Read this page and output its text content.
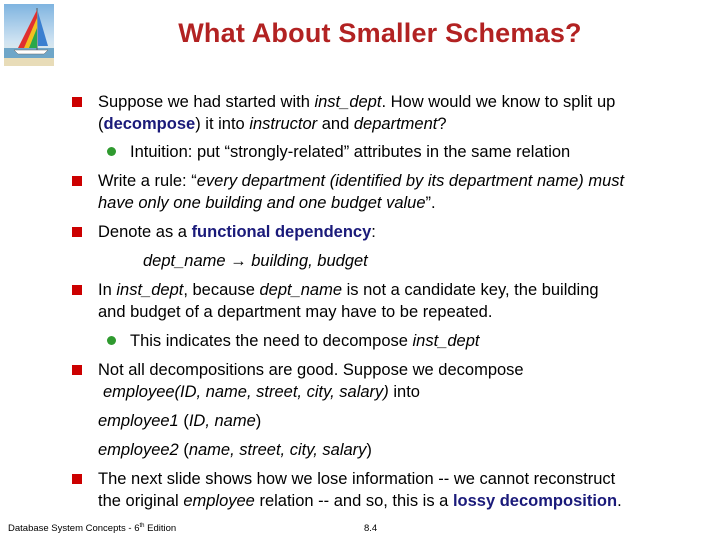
What About Smaller Schemas?
Suppose we had started with inst_dept. How would we know to split up
(decompose) it into instructor and department?
Intuition: put “strongly-related” attributes in the same relation
Write a rule: “every department (identified by its department name) must
have only one building and one budget value”.
Denote as a functional dependency:
dept_name → building, budget
In inst_dept, because dept_name is not a candidate key, the building
and budget of a department may have to be repeated.
This indicates the need to decompose inst_dept
Not all decompositions are good. Suppose we decompose
employee(ID, name, street, city, salary) into
employee1 (ID, name)
employee2 (name, street, city, salary)
The next slide shows how we lose information -- we cannot reconstruct
the original employee relation -- and so, this is a lossy decomposition.
Database System Concepts - 6th Edition	8.4
